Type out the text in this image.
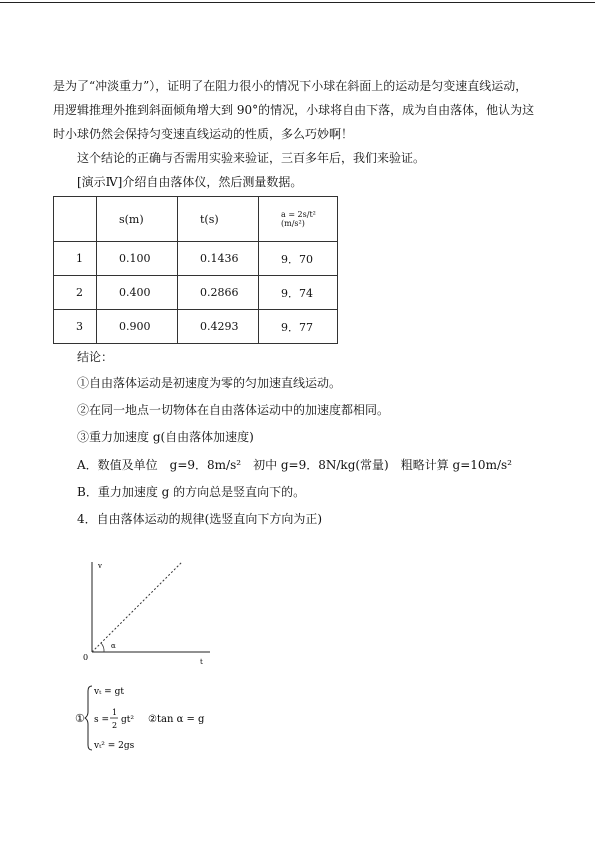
是为了“冲淡重力”），证明了在阻力很小的情况下小球在斜面上的运动是匀变速直线运动，
用逻辑推理外推到斜面倾角增大到 90°的情况，小球将自由下落，成为自由落体，他认为这
时小球仍然会保持匀变速直线运动的性质，多么巧妙啊！
这个结论的正确与否需用实验来验证，三百多年后，我们来验证。
[演示Ⅳ]介绍自由落体仪，然后测量数据。
	s(m)	t(s)	a = 2s/t² (m/s²)
1	0.100	0.1436	9．70
2	0.400	0.2866	9．74
3	0.900	0.4293	9．77
结论：
①自由落体运动是初速度为零的匀加速直线运动。
②在同一地点一切物体在自由落体运动中的加速度都相同。
③重力加速度 g(自由落体加速度)
A．数值及单位　g=9．8m/s²　初中 g=9．8N/kg(常量)　粗略计算 g=10m/s²
B．重力加速度 g 的方向总是竖直向下的。
4．自由落体运动的规律(选竖直向下方向为正)
v
t
0
α
①
vₜ = gt
s =
1
2
gt²
vₜ² = 2gs
②tan α = g
